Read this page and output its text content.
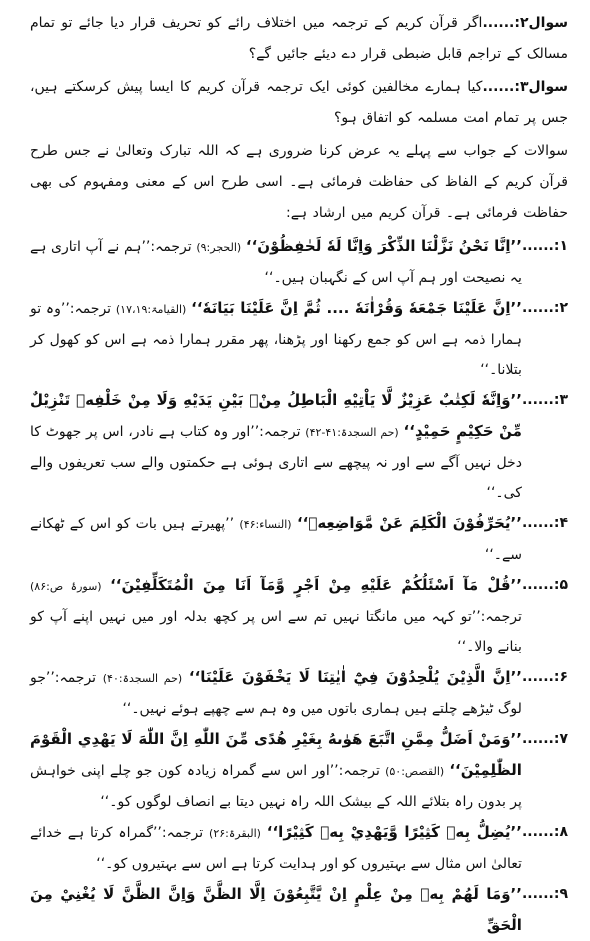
سوال۲:......اگر قرآن کریم کے ترجمہ میں اختلاف رائے کو تحریف قرار دیا جائے تو تمام مسالک کے تراجم قابل ضبطی قرار دے دیئے جائیں گے؟

سوال۳:......کیا ہمارے مخالفین کوئی ایک ترجمہ قرآن کریم کا ایسا پیش کرسکتے ہیں، جس پر تمام امت مسلمہ کو اتفاق ہو؟

سوالات کے جواب سے پہلے یہ عرض کرنا ضروری ہے کہ اللہ تبارک وتعالیٰ نے جس طرح قرآن کریم کے الفاظ کی حفاظت فرمائی ہے۔ اسی طرح اس کے معنی ومفہوم کی بھی حفاظت فرمائی ہے۔ قرآن کریم میں ارشاد ہے:

۱:......
’’اِنَّا نَحْنُ نَزَّلْنَا الذِّكْرَ وَاِنَّا لَهٗ لَحٰفِظُوْنَ‘‘ (الحجر:۹) ترجمہ:’’ہم نے آپ اتاری ہے یہ نصیحت اور ہم آپ اس کے نگہبان ہیں۔‘‘
۲:......
’’اِنَّ عَلَيْنَا جَمْعَهٗ وَقُرْاٰنَهٗ .... ثُمَّ اِنَّ عَلَيْنَا بَيَانَهٗ‘‘ (القیامۃ:۱۷،۱۹) ترجمہ:’’وہ تو ہمارا ذمہ ہے اس کو جمع رکھنا اور پڑھنا، پھر مقرر ہمارا ذمہ ہے اس کو کھول کر بتلانا۔‘‘
۳:......
’’وَاِنَّهٗ لَكِتٰبٌ عَزِيْزٌ لَّا يَاْتِيْهِ الْبَاطِلُ مِنْۢ بَيْنِ يَدَيْهِ وَلَا مِنْ خَلْفِهٖ تَنْزِيْلٌ مِّنْ حَكِيْمٍ حَمِيْدٍ‘‘ (حم السجدۃ:۴۱-۴۲) ترجمہ:’’اور وہ کتاب ہے نادر، اس پر جھوٹ کا دخل نہیں آگے سے اور نہ پیچھے سے اتاری ہوئی ہے حکمتوں والے سب تعریفوں والے کی۔‘‘
۴:......
’’يُحَرِّفُوْنَ الْكَلِمَ عَنْ مَّوَاضِعِهٖ‘‘ (النساء:۴۶) ’’پھیرتے ہیں بات کو اس کے ٹھکانے سے۔‘‘
۵:......
’’قُلْ مَآ اَسْئَلُكُمْ عَلَيْهِ مِنْ اَجْرٍ وَّمَآ اَنَا مِنَ الْمُتَكَلِّفِيْنَ‘‘ (سورۂ ص:۸۶) ترجمہ:’’تو کہہ میں مانگتا نہیں تم سے اس پر کچھ بدلہ اور میں نہیں اپنے آپ کو بنانے والا۔‘‘
۶:......
’’اِنَّ الَّذِيْنَ يُلْحِدُوْنَ فِيْٓ اٰيٰتِنَا لَا يَخْفَوْنَ عَلَيْنَا‘‘ (حم السجدۃ:۴۰) ترجمہ:’’جو لوگ ٹیڑھے چلتے ہیں ہماری باتوں میں وہ ہم سے چھپے ہوئے نہیں۔‘‘
۷:......
’’وَمَنْ اَضَلُّ مِمَّنِ اتَّبَعَ هَوٰىهُ بِغَيْرِ هُدًى مِّنَ اللّٰهِ اِنَّ اللّٰهَ لَا يَهْدِي الْقَوْمَ الظّٰلِمِيْنَ‘‘ (القصص:۵۰) ترجمہ:’’اور اس سے گمراہ زیادہ کون جو چلے اپنی خواہش پر بدون راہ بتلائے اللہ کے بیشک اللہ راہ نہیں دیتا بے انصاف لوگوں کو۔‘‘
۸:......
’’يُضِلُّ بِهٖ كَثِيْرًا وَّيَهْدِيْ بِهٖ كَثِيْرًا‘‘ (البقرۃ:۲۶) ترجمہ:’’گمراہ کرتا ہے خدائے تعالیٰ اس مثال سے بہتیروں کو اور ہدایت کرتا ہے اس سے بہتیروں کو۔‘‘
۹:......
’’وَمَا لَهُمْ بِهٖ مِنْ عِلْمٍ اِنْ يَّتَّبِعُوْنَ اِلَّا الظَّنَّ وَاِنَّ الظَّنَّ لَا يُغْنِيْ مِنَ الْحَقِّ
